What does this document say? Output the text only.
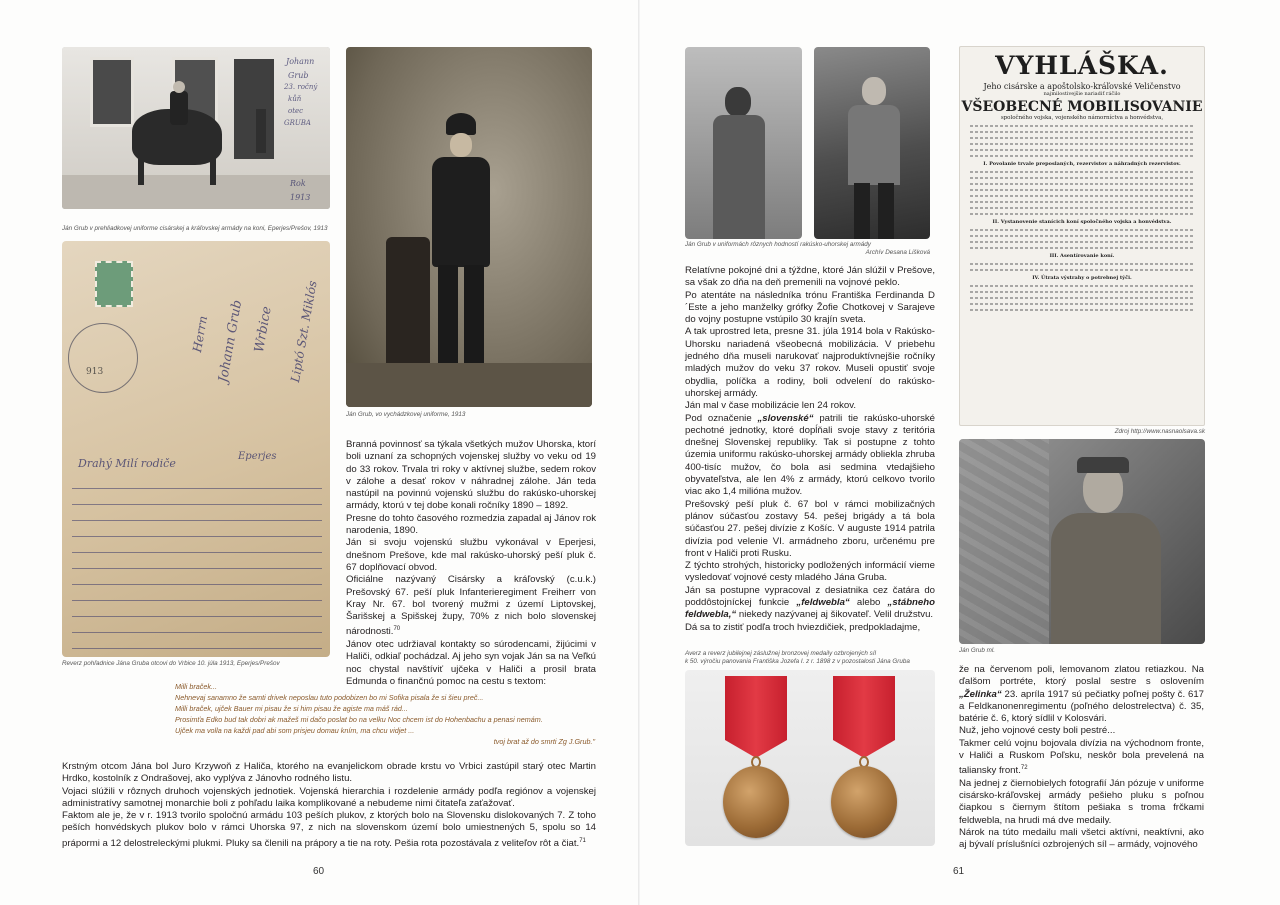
Johann
Grub
23. ročný
kůň
otec
GRUBA
Rok
1913
Ján Grub v prehliadkovej uniforme cisárskej a kráľovskej armády na koni, Eperjes/Prešov, 1913
Ján Grub, vo vychádzkovej uniforme, 1913
913
Herrn Johann Grub Wrbice Liptó Szt. Miklós
Drahý Milí rodiče
Eperjes
Reverz pohľadnice Jána Gruba otcovi do Vrbice 10. júla 1913, Eperjes/Prešov

Branná povinnosť sa týkala všetkých mužov Uhorska, ktorí boli uznaní za schopných vojenskej služby vo veku od 19 do 33 rokov. Trvala tri roky v aktívnej službe, sedem rokov v zálohe a desať rokov v náhradnej zálohe. Ján teda nastúpil na povinnú vojenskú službu do rakúsko-uhorskej armády, ktorú v tej dobe konali ročníky 1890 – 1892.

Presne do tohto časového rozmedzia zapadal aj Jánov rok narodenia, 1890.

Ján si svoju vojenskú službu vykonával v Eperjesi, dnešnom Prešove, kde mal rakúsko-uhorský peší pluk č. 67 doplňovací obvod.

Oficiálne nazývaný Cisársky a kráľovský (c.u.k.) Prešovský 67. peší pluk Infanterieregiment Freiherr von Kray Nr. 67. bol tvorený mužmi z území Liptovskej, Šarišskej a Spišskej župy, 70% z nich bolo slovenskej národnosti.$^{70}$

Jánov otec udržiaval kontakty so súrodencami, žijúcimi v Haliči, odkiaľ pochádzal. Aj jeho syn vojak Ján sa na Veľkú noc chystal navštíviť ujčeka v Haliči a prosil brata Edmunda o finančnú pomoc na cestu s textom:

Milli braček...

Nehnevaj sanamno že samti drivek neposlau tuto podobizen bo mi Sofika pisala že si šieu preč...

Milli braček, ujček Bauer mi pisau že si him pisau že agiste ma máš rád...

Prosimťa Edko bud tak dobri ak mažeš mi dačo poslat bo na velku Noc chcem ist do Hohenbachu a penasi nemám.

Ujček ma volla na každi pad abi som prisjeu domau kním, ma chcu vidjet ...

tvoj brat až do smrti Zg J.Grub."

Krstným otcom Jána bol Juro Krzywoň z Haliča, ktorého na evanjelickom obrade krstu vo Vrbici zastúpil starý otec Martin Hrdko, kostolník z Ondrašovej, ako vyplýva z Jánovho rodného listu.

Vojaci slúžili v rôznych druhoch vojenských jednotiek. Vojenská hierarchia i rozdelenie armády podľa regiónov a vojenskej administratívy samotnej monarchie boli z pohľadu laika komplikované a nebudeme nimi čitateľa zaťažovať.

Faktom ale je, že v r. 1913 tvorilo spoločnú armádu 103 peších plukov, z ktorých bolo na Slovensku dislokovaných 7. Z toho peších honvédskych plukov bolo v rámci Uhorska 97, z nich na slovenskom území bolo umiestnených 5, spolu so 14 prápormi a 12 delostreleckými plukmi. Pluky sa členili na prápory a tie na roty. Pešia rota pozostávala z veliteľov rôt a čiat.$^{71}$

60
Ján Grub v uniformách rôznych hodností rakúsko-uhorskej armády
Archív Desana Lišková
VYHLÁŠKA.
Jeho cisárske a apoštolsko-kráľovské Veličenstvo
najmilostivejšie nariadiť ráčilo
VŠEOBECNÉ MOBILISOVANIE
spoločného vojska, vojenského námorníctva a honvédstva,
I. Povolanie trvale preposlaných, rezervistov a náhradných rezervistov.
II. Vystanovenie stanícich koní spoločného vojska a honvédstva.
III. Asentírovanie koní.
IV. Útrata výstrahy o potrebnej týči.
Zdroj http://www.nasnaolsava.sk
Ján Grub ml.

Relatívne pokojné dni a týždne, ktoré Ján slúžil v Prešove, sa však zo dňa na deň premenili na vojnové peklo.

Po atentáte na následníka trónu Františka Ferdinanda D´Este a jeho manželky grófky Žofie Chotkovej v Sarajeve do vojny postupne vstúpilo 30 krajín sveta.

A tak uprostred leta, presne 31. júla 1914 bola v Rakúsko-Uhorsku nariadená všeobecná mobilizácia. V priebehu jedného dňa museli narukovať najproduktívnejšie ročníky mladých mužov do veku 37 rokov. Museli opustiť svoje obydlia, políčka a rodiny, boli odvelení do rakúsko-uhorskej armády.

Ján mal v čase mobilizácie len 24 rokov.

Pod označenie „slovenské“ patrili tie rakúsko-uhorské pechotné jednotky, ktoré dopĺňali svoje stavy z teritória dnešnej Slovenskej republiky. Tak si postupne z tohto územia uniformu rakúsko-uhorskej armády obliekla zhruba 400-tisíc mužov, čo bola asi sedmina vtedajšieho obyvateľstva, ale len 4% z armády, ktorú celkovo tvorilo viac ako 1,4 milióna mužov.

Prešovský peší pluk č. 67 bol v rámci mobilizačných plánov súčasťou zostavy 54. pešej brigády a tá bola súčasťou 27. pešej divízie z Košíc. V auguste 1914 patrila divízia pod velenie VI. armádneho zboru, určenému pre front v Haliči proti Rusku.

Z týchto strohých, historicky podložených informácií vieme vysledovať vojnové cesty mladého Jána Gruba.

Ján sa postupne vypracoval z desiatnika cez čatára do poddôstojníckej funkcie „feldwebla“ alebo „stábneho feldwebla,“ niekedy nazývanej aj šikovateľ. Velil družstvu.

Dá sa to zistiť podľa troch hviezdičiek, predpokladajme,

Averz a reverz jubilejnej záslužnej bronzovej medaily ozbrojených síl
k 50. výročiu panovania Františka Jozefa I. z r. 1898 z v pozostalosti Jána Gruba

že na červenom poli, lemovanom zlatou retiazkou. Na ďalšom portréte, ktorý poslal sestre s oslovením „Želinka“ 23. apríla 1917 sú pečiatky poľnej pošty č. 617 a Feldkanonenregimentu (poľného delostrelectva) č. 35, batérie č. 6, ktorý sídlil v Kolosvári.

Nuž, jeho vojnové cesty boli pestré...

Takmer celú vojnu bojovala divízia na východnom fronte, v Haliči a Ruskom Poľsku, neskôr bola prevelená na taliansky front.$^{72}$

Na jednej z čiernobielych fotografií Ján pózuje v uniforme cisársko-kráľovskej armády pešieho pluku s poľnou čiapkou s čiernym štítom pešiaka s troma frčkami feldwebla, na hrudi má dve medaily.

Nárok na túto medailu mali všetci aktívni, neaktívni, ako aj bývalí príslušníci ozbrojených síl – armády, vojnového

61
